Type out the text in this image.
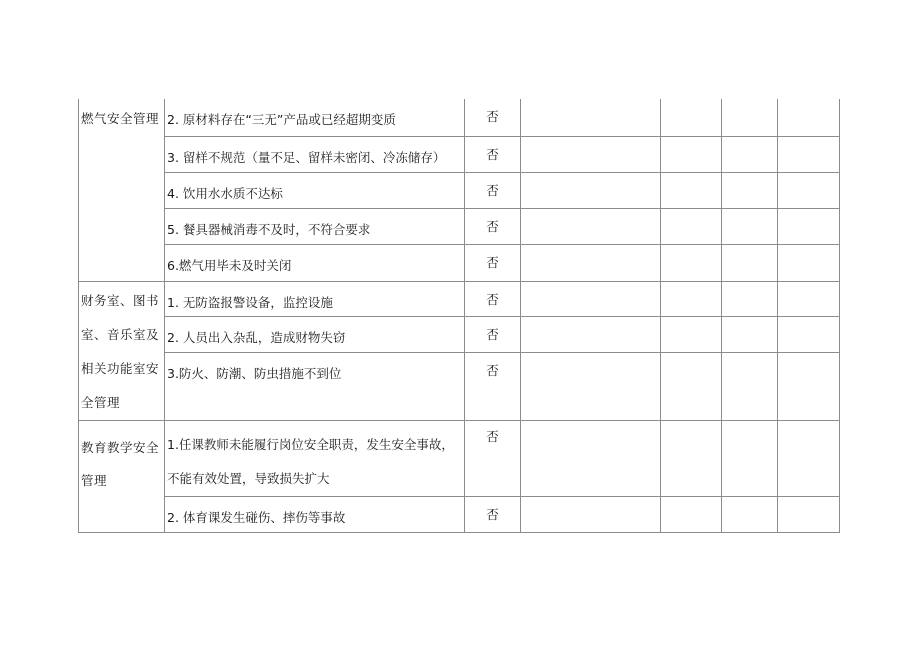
燃气安全管理	2. 原材料存在“三无”产品或已经超期变质	否				
	3. 留样不规范（量不足、留样未密闭、冷冻储存）	否				
	4. 饮用水水质不达标	否				
	5. 餐具器械消毒不及时，不符合要求	否				
	6.燃气用毕未及时关闭	否				
财务室、图书室、音乐室及相关功能室安全管理	1. 无防盗报警设备，监控设施	否				
	2. 人员出入杂乱，造成财物失窃	否				
	3.防火、防潮、防虫措施不到位	否				
教育教学安全管理	1.任课教师未能履行岗位安全职责，发生安全事故，不能有效处置，导致损失扩大	否				
	2. 体育课发生碰伤、摔伤等事故	否				
